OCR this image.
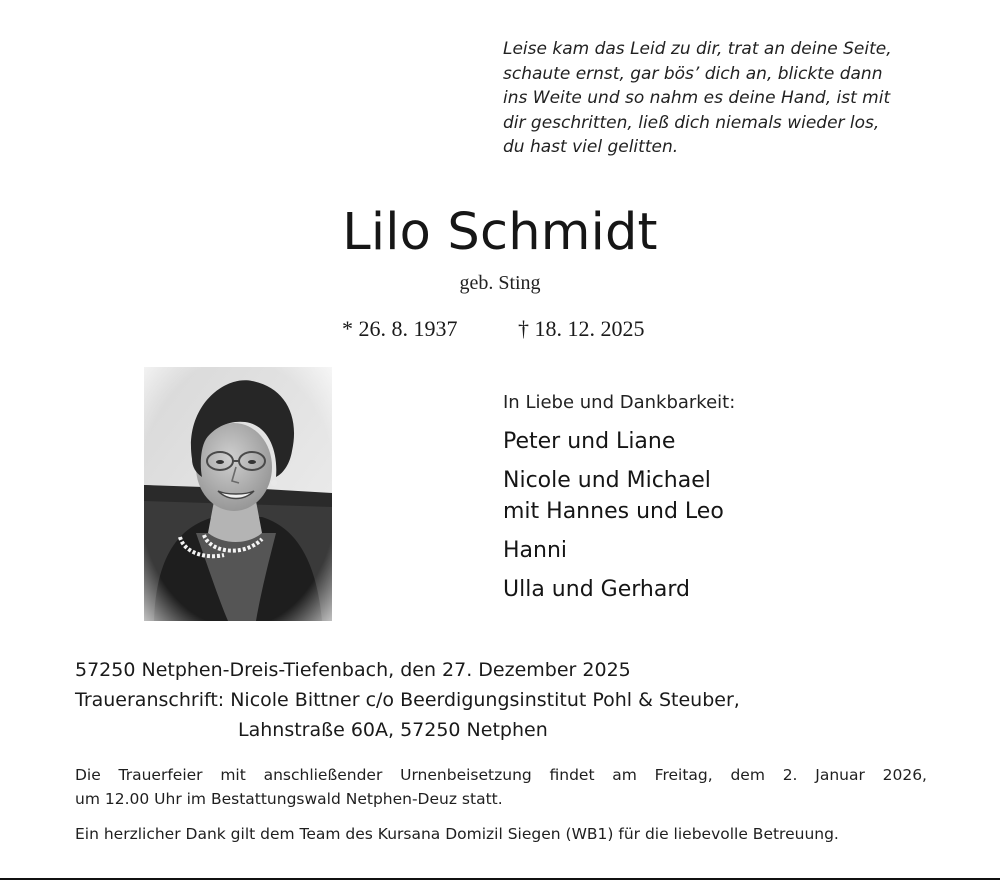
Leise kam das Leid zu dir, trat an deine Seite,
schaute ernst, gar bös’ dich an, blickte dann
ins Weite und so nahm es deine Hand, ist mit
dir geschritten, ließ dich niemals wieder los,
du hast viel gelitten.
Lilo Schmidt
geb. Sting
* 26. 8. 1937	† 18. 12. 2025
In Liebe und Dankbarkeit:
Peter und Liane
Nicole und Michael
mit Hannes und Leo
Hanni
Ulla und Gerhard
57250 Netphen-Dreis-Tiefenbach, den 27. Dezember 2025
Traueranschrift: Nicole Bittner c/o Beerdigungsinstitut Pohl & Steuber,
Lahnstraße 60A, 57250 Netphen
Die Trauerfeier mit anschließender Urnenbeisetzung findet am Freitag, dem 2. Januar 2026,
um 12.00 Uhr im Bestattungswald Netphen-Deuz statt.
Ein herzlicher Dank gilt dem Team des Kursana Domizil Siegen (WB1) für die liebevolle Betreuung.
